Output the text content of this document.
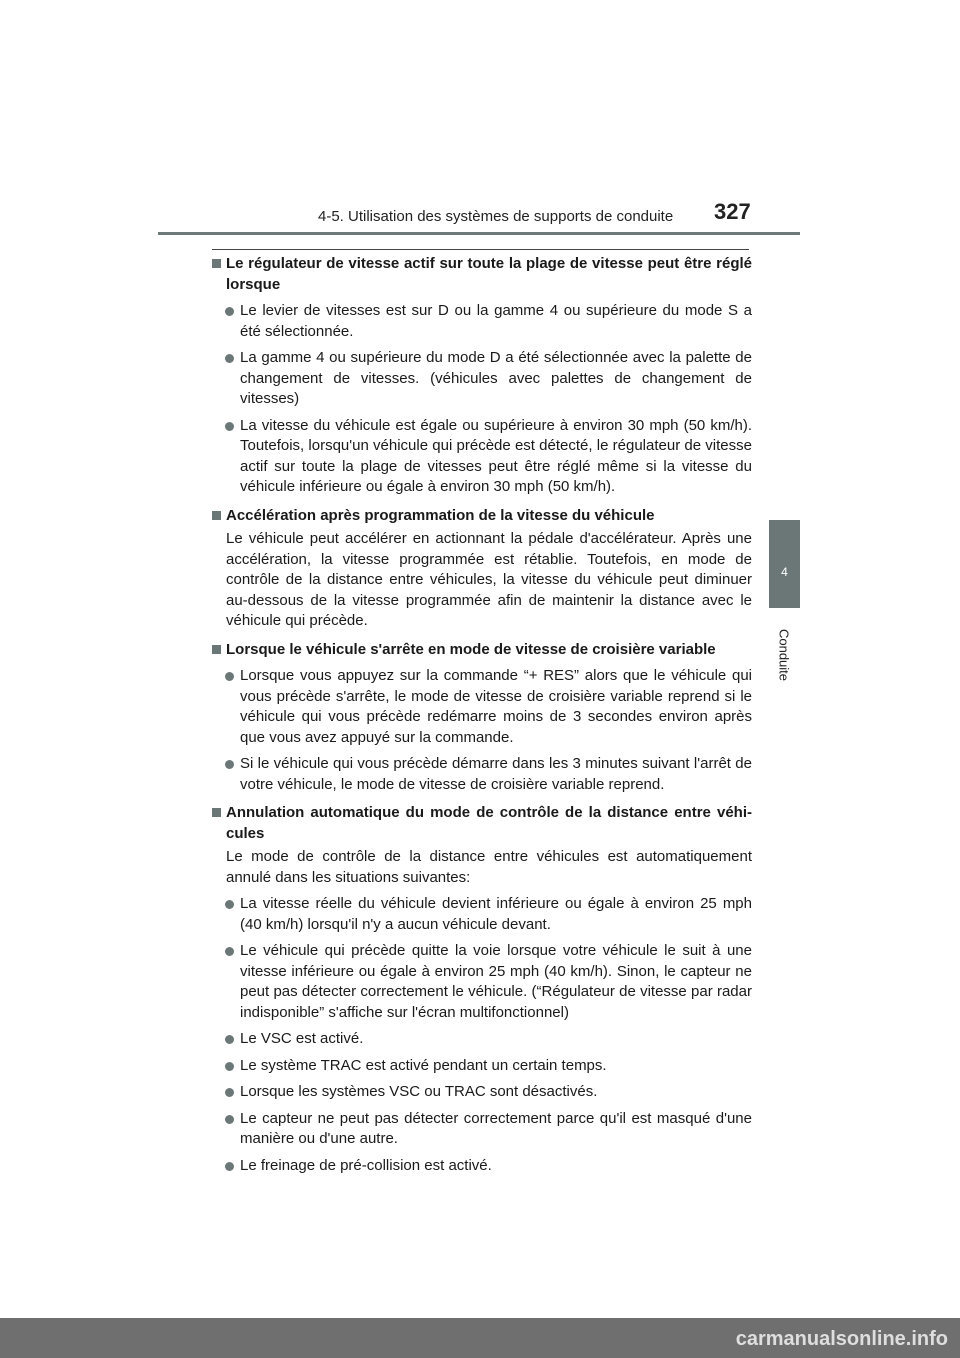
4-5. Utilisation des systèmes de supports de conduite 327
4
Conduite
Le régulateur de vitesse actif sur toute la plage de vitesse peut être réglé lorsque
Le levier de vitesses est sur D ou la gamme 4 ou supérieure du mode S a été sélectionnée.
La gamme 4 ou supérieure du mode D a été sélectionnée avec la palette de changement de vitesses. (véhicules avec palettes de changement de vitesses)
La vitesse du véhicule est égale ou supérieure à environ 30 mph (50 km/h). Toutefois, lorsqu'un véhicule qui précède est détecté, le régulateur de vitesse actif sur toute la plage de vitesses peut être réglé même si la vitesse du véhicule inférieure ou égale à environ 30 mph (50 km/h).
Accélération après programmation de la vitesse du véhicule
Le véhicule peut accélérer en actionnant la pédale d'accélérateur. Après une accélération, la vitesse programmée est rétablie. Toutefois, en mode de contrôle de la distance entre véhicules, la vitesse du véhicule peut diminuer au-dessous de la vitesse programmée afin de maintenir la distance avec le véhicule qui précède.
Lorsque le véhicule s'arrête en mode de vitesse de croisière variable
Lorsque vous appuyez sur la commande “+ RES” alors que le véhicule qui vous précède s'arrête, le mode de vitesse de croisière variable reprend si le véhicule qui vous précède redémarre moins de 3 secondes environ après que vous avez appuyé sur la commande.
Si le véhicule qui vous précède démarre dans les 3 minutes suivant l'arrêt de votre véhicule, le mode de vitesse de croisière variable reprend.
Annulation automatique du mode de contrôle de la distance entre véhi-cules
Le mode de contrôle de la distance entre véhicules est automatiquement annulé dans les situations suivantes:
La vitesse réelle du véhicule devient inférieure ou égale à environ 25 mph (40 km/h) lorsqu'il n'y a aucun véhicule devant.
Le véhicule qui précède quitte la voie lorsque votre véhicule le suit à une vitesse inférieure ou égale à environ 25 mph (40 km/h). Sinon, le capteur ne peut pas détecter correctement le véhicule. (“Régulateur de vitesse par radar indisponible” s'affiche sur l'écran multifonctionnel)
Le VSC est activé.
Le système TRAC est activé pendant un certain temps.
Lorsque les systèmes VSC ou TRAC sont désactivés.
Le capteur ne peut pas détecter correctement parce qu'il est masqué d'une manière ou d'une autre.
Le freinage de pré-collision est activé.
carmanualsonline.info
